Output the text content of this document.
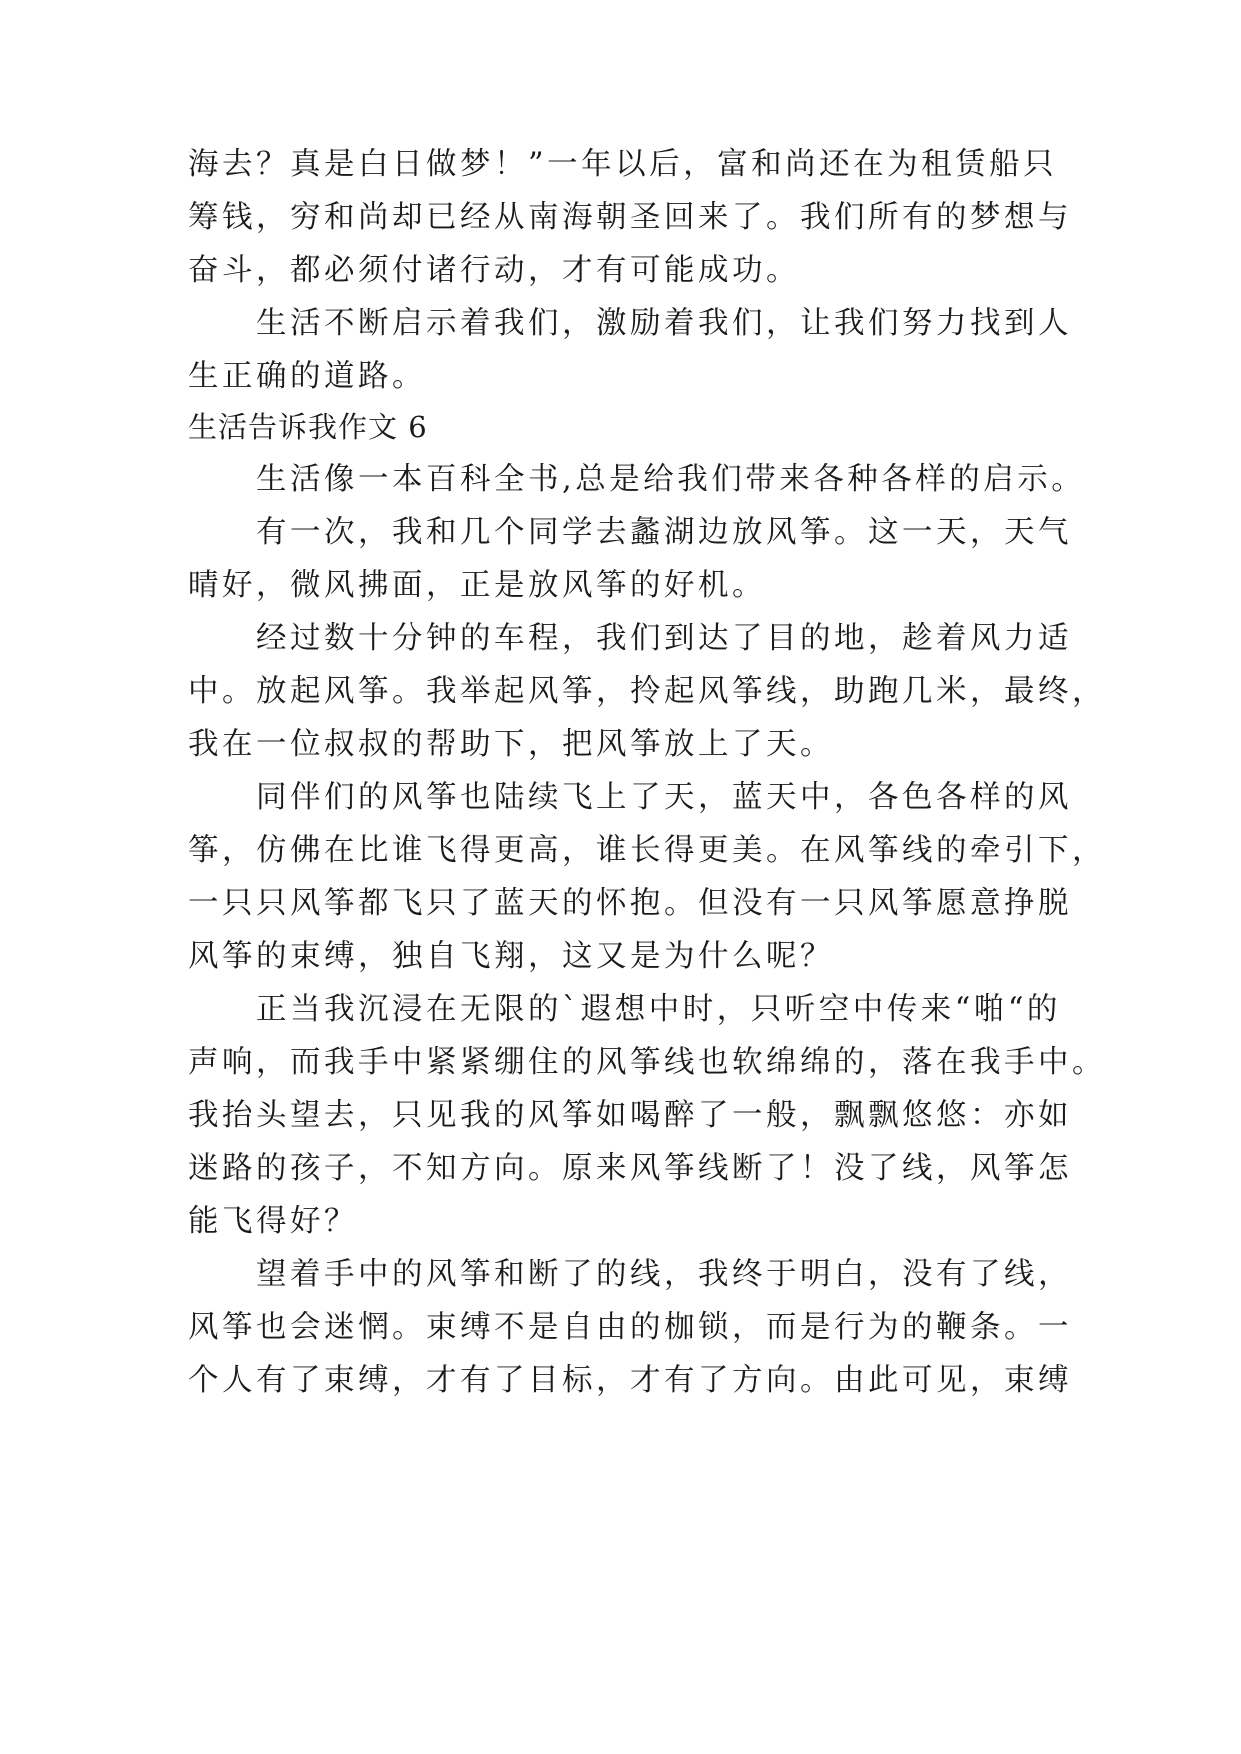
海去？真是白日做梦！”一年以后，富和尚还在为租赁船只
筹钱，穷和尚却已经从南海朝圣回来了。我们所有的梦想与
奋斗，都必须付诸行动，才有可能成功。
生活不断启示着我们，激励着我们，让我们努力找到人
生正确的道路。
生活告诉我作文 6
生活像一本百科全书,总是给我们带来各种各样的启示。
有一次，我和几个同学去蠡湖边放风筝。这一天，天气
晴好，微风拂面，正是放风筝的好机。
经过数十分钟的车程，我们到达了目的地，趁着风力适
中。放起风筝。我举起风筝，拎起风筝线，助跑几米，最终，
我在一位叔叔的帮助下，把风筝放上了天。
同伴们的风筝也陆续飞上了天，蓝天中，各色各样的风
筝，仿佛在比谁飞得更高，谁长得更美。在风筝线的牵引下，
一只只风筝都飞只了蓝天的怀抱。但没有一只风筝愿意挣脱
风筝的束缚，独自飞翔，这又是为什么呢？
正当我沉浸在无限的`遐想中时，只听空中传来“啪“的
声响，而我手中紧紧绷住的风筝线也软绵绵的，落在我手中。
我抬头望去，只见我的风筝如喝醉了一般，飘飘悠悠：亦如
迷路的孩子，不知方向。原来风筝线断了！没了线，风筝怎
能飞得好？
望着手中的风筝和断了的线，我终于明白，没有了线，
风筝也会迷惘。束缚不是自由的枷锁，而是行为的鞭条。一
个人有了束缚，才有了目标，才有了方向。由此可见，束缚
